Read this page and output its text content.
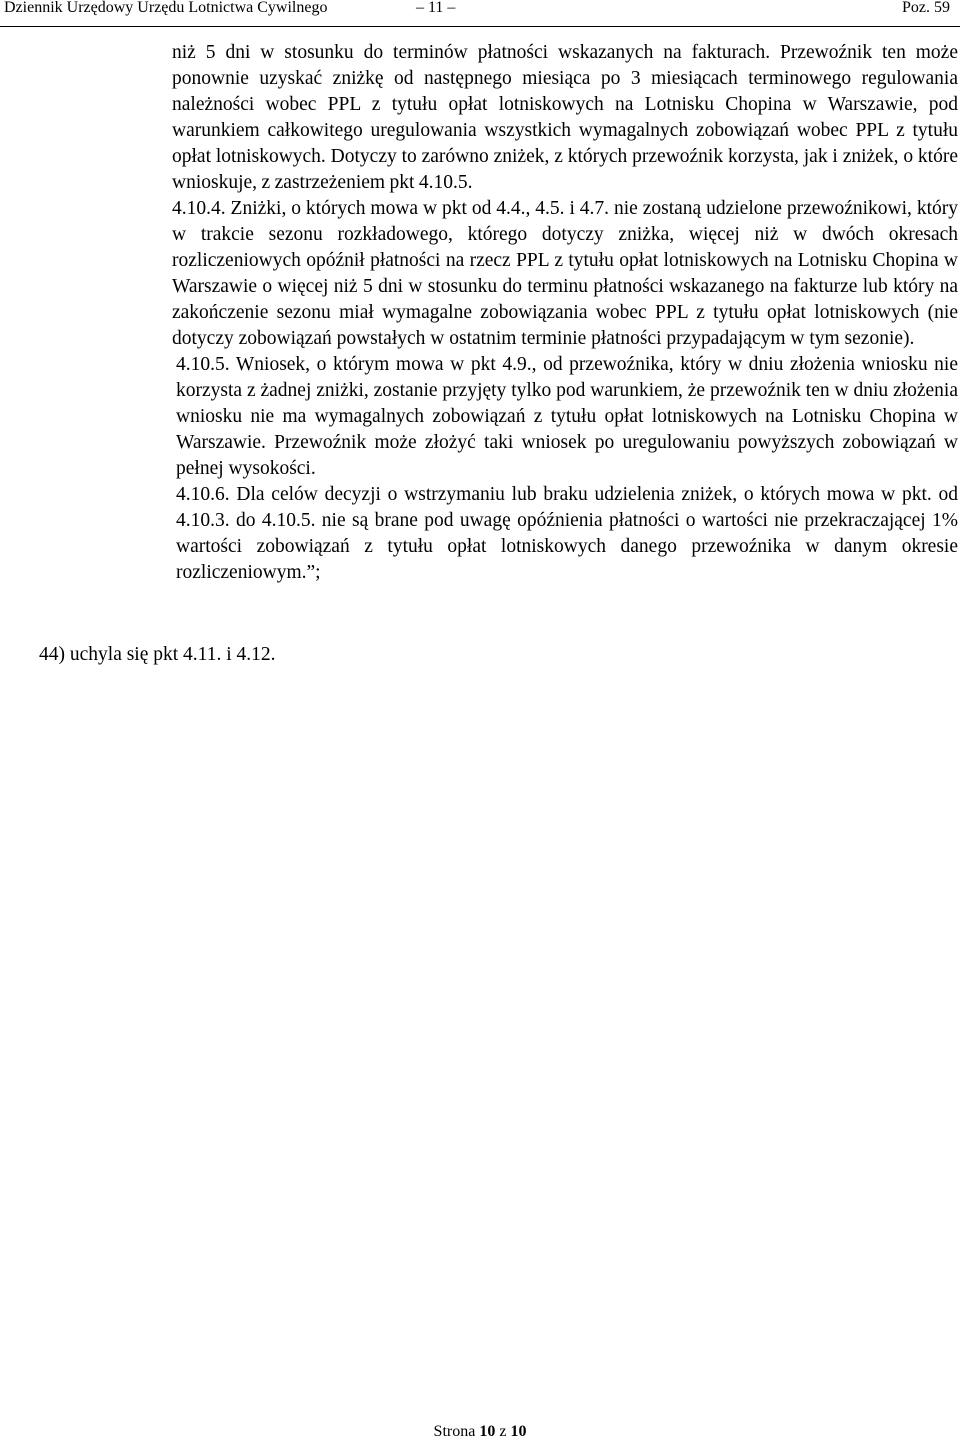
Dziennik Urzędowy Urzędu Lotnictwa Cywilnego	– 11 –	Poz. 59

niż 5 dni w stosunku do terminów płatności wskazanych na fakturach. Przewoźnik ten może ponownie uzyskać zniżkę od następnego miesiąca po 3 miesiącach terminowego regulowania należności wobec PPL z tytułu opłat lotniskowych na Lotnisku Chopina w Warszawie, pod warunkiem całkowitego uregulowania wszystkich wymagalnych zobowiązań wobec PPL z tytułu opłat lotniskowych. Dotyczy to zarówno zniżek, z których przewoźnik korzysta, jak i zniżek, o które wnioskuje, z zastrzeżeniem pkt 4.10.5.

4.10.4. Zniżki, o których mowa w pkt od 4.4., 4.5. i 4.7. nie zostaną udzielone przewoźnikowi, który w trakcie sezonu rozkładowego, którego dotyczy zniżka, więcej niż w dwóch okresach rozliczeniowych opóźnił płatności na rzecz PPL z tytułu opłat lotniskowych na Lotnisku Chopina w Warszawie o więcej niż 5 dni w stosunku do terminu płatności wskazanego na fakturze lub który na zakończenie sezonu miał wymagalne zobowiązania wobec PPL z tytułu opłat lotniskowych (nie dotyczy zobowiązań powstałych w ostatnim terminie płatności przypadającym w tym sezonie).

4.10.5. Wniosek, o którym mowa w pkt 4.9., od przewoźnika, który w dniu złożenia wniosku nie korzysta z żadnej zniżki, zostanie przyjęty tylko pod warunkiem, że przewoźnik ten w dniu złożenia wniosku nie ma wymagalnych zobowiązań z tytułu opłat lotniskowych na Lotnisku Chopina w Warszawie. Przewoźnik może złożyć taki wniosek po uregulowaniu powyższych zobowiązań w pełnej wysokości.

4.10.6. Dla celów decyzji o wstrzymaniu lub braku udzielenia zniżek, o których mowa w pkt. od 4.10.3. do 4.10.5. nie są brane pod uwagę opóźnienia płatności o wartości nie przekraczającej 1% wartości zobowiązań z tytułu opłat lotniskowych danego przewoźnika w danym okresie rozliczeniowym.”;

44) uchyla się pkt 4.11. i 4.12.
Strona 10 z 10
